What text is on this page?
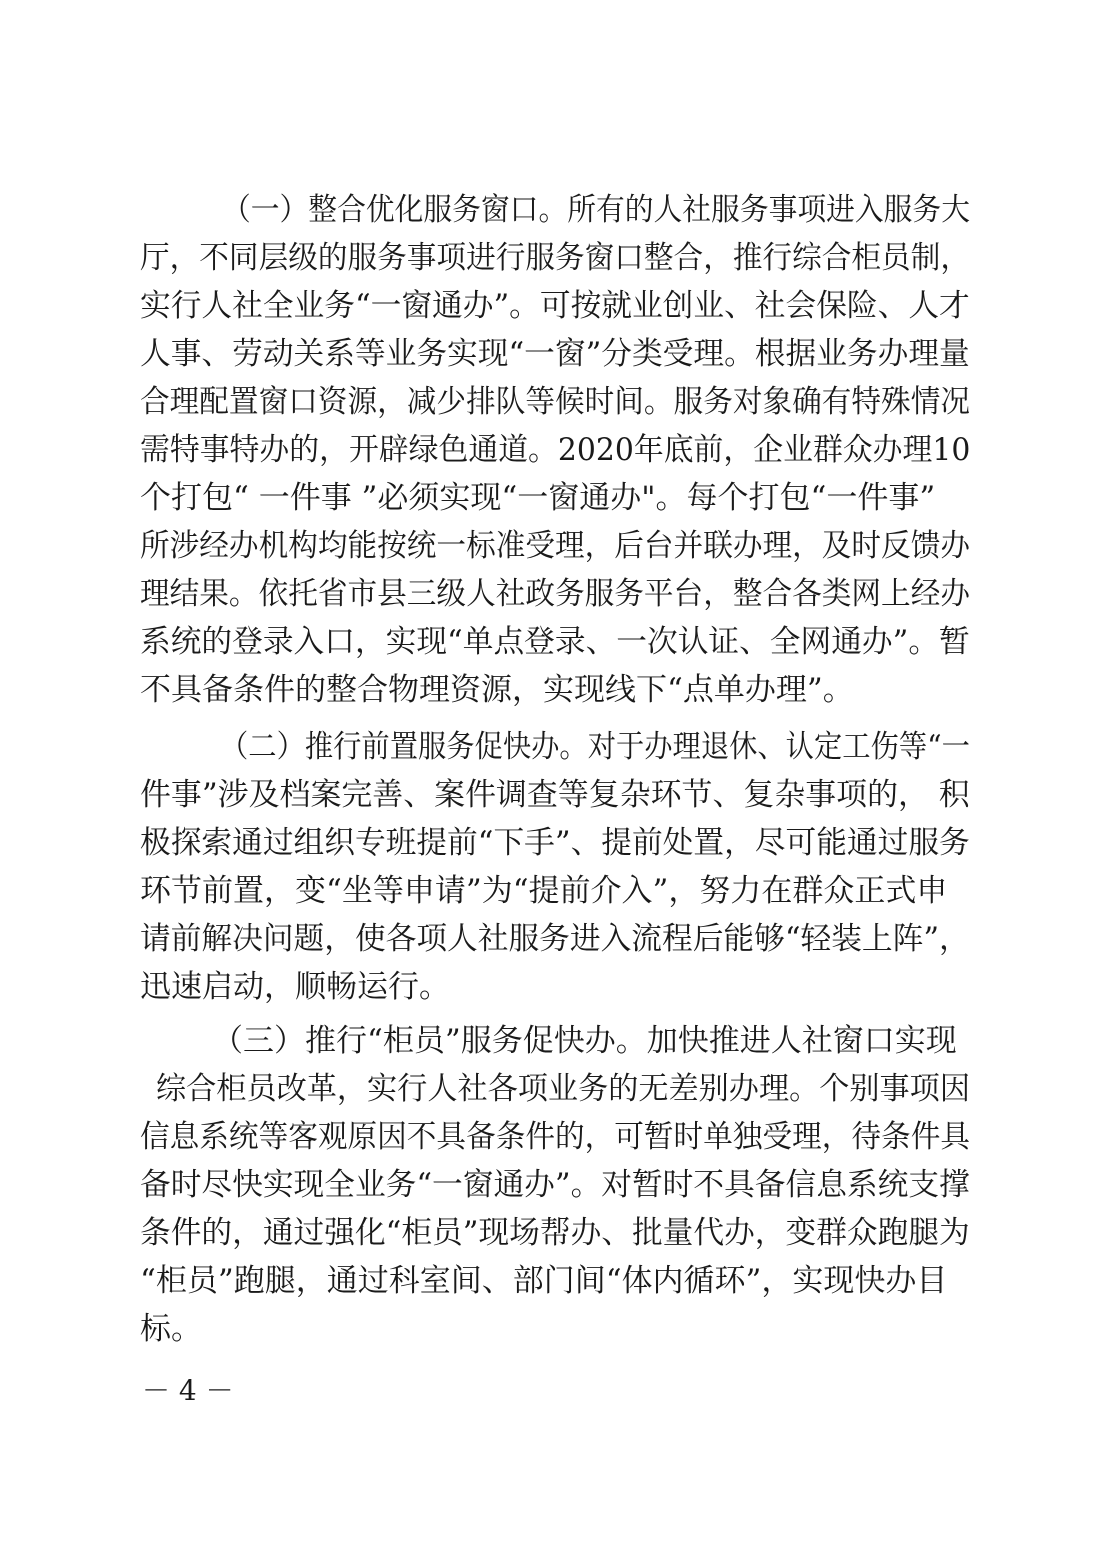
（一）整合优化服务窗口。所有的人社服务事项进入服务大
厅，不同层级的服务事项进行服务窗口整合，推行综合柜员制，
实行人社全业务“一窗通办”。可按就业创业、社会保险、人才
人事、劳动关系等业务实现“一窗”分类受理。根据业务办理量
合理配置窗口资源，减少排队等候时间。服务对象确有特殊情况
需特事特办的，开辟绿色通道。2020年底前，企业群众办理10
个打包“ 一件事 ”必须实现“一窗通办"。每个打包“一件事”
所涉经办机构均能按统一标准受理，后台并联办理，及时反馈办
理结果。依托省市县三级人社政务服务平台，整合各类网上经办
系统的登录入口，实现“单点登录、一次认证、全网通办”。暂
不具备条件的整合物理资源，实现线下“点单办理”。
（二）推行前置服务促快办。对于办理退休、认定工伤等“一
件事”涉及档案完善、案件调查等复杂环节、复杂事项的， 积
极探索通过组织专班提前“下手”、提前处置，尽可能通过服务
环节前置，变“坐等申请”为“提前介入”，努力在群众正式申
请前解决问题，使各项人社服务进入流程后能够“轻装上阵”，
迅速启动，顺畅运行。
（三）推行“柜员”服务促快办。加快推进人社窗口实现
综合柜员改革，实行人社各项业务的无差别办理。个别事项因
信息系统等客观原因不具备条件的，可暂时单独受理，待条件具
备时尽快实现全业务“一窗通办”。对暂时不具备信息系统支撑
条件的，通过强化“柜员”现场帮办、批量代办，变群众跑腿为
“柜员”跑腿，通过科室间、部门间“体内循环”，实现快办目
标。
－ 4 －
